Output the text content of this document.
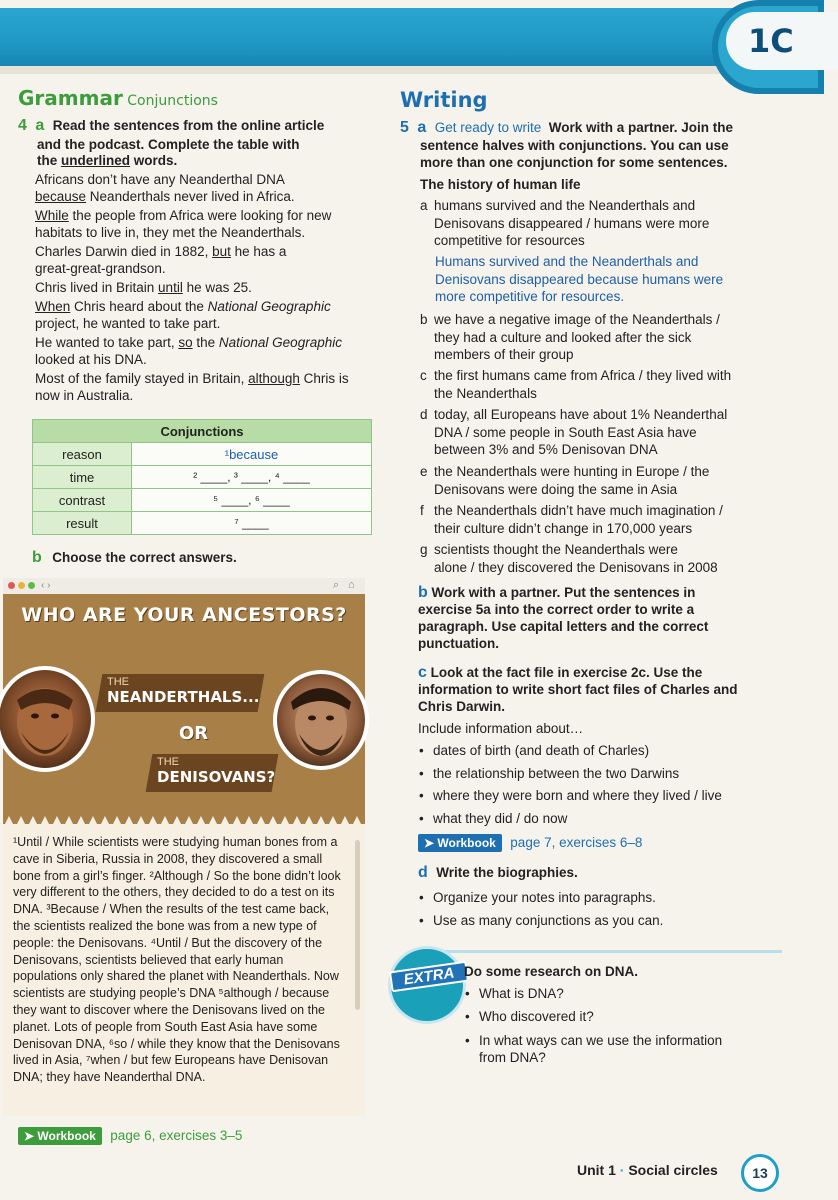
1C
Grammar Conjunctions
4 a Read the sentences from the online article
and the podcast. Complete the table with
the underlined words.
Africans don’t have any Neanderthal DNA
because Neanderthals never lived in Africa.
While the people from Africa were looking for new
habitats to live in, they met the Neanderthals.
Charles Darwin died in 1882, but he has a
great-great-grandson.
Chris lived in Britain until he was 25.
When Chris heard about the National Geographic
project, he wanted to take part.
He wanted to take part, so the National Geographic
looked at his DNA.
Most of the family stayed in Britain, although Chris is
now in Australia.
Conjunctions	
reason	¹because
time	² ____, ³ ____, ⁴ ____
contrast	⁵ ____, ⁶ ____
result	⁷ ____
b Choose the correct answers.
‹ ›	⌕ ⌂
WHO ARE YOUR ANCESTORS?
THE
NEANDERTHALS...
OR
THE
DENISOVANS?
¹Until / While scientists were studying human bones from a cave in Siberia, Russia in 2008, they discovered a small bone from a girl’s finger. ²Although / So the bone didn’t look very different to the others, they decided to do a test on its DNA. ³Because / When the results of the test came back, the scientists realized the bone was from a new type of people: the Denisovans. ⁴Until / But the discovery of the Denisovans, scientists believed that early human populations only shared the planet with Neanderthals. Now scientists are studying people’s DNA ⁵although / because they want to discover where the Denisovans lived on the planet. Lots of people from South East Asia have some Denisovan DNA, ⁶so / while they know that the Denisovans lived in Asia, ⁷when / but few Europeans have Denisovan DNA; they have Neanderthal DNA.
➤ Workbook page 6, exercises 3–5
Writing
5 a Get ready to write Work with a partner. Join the
sentence halves with conjunctions. You can use
more than one conjunction for some sentences.
The history of human life
a humans survived and the Neanderthals and
Denisovans disappeared / humans were more
competitive for resources
Humans survived and the Neanderthals and
Denisovans disappeared because humans were
more competitive for resources.
b we have a negative image of the Neanderthals /
they had a culture and looked after the sick
members of their group
c the first humans came from Africa / they lived with
the Neanderthals
d today, all Europeans have about 1% Neanderthal
DNA / some people in South East Asia have
between 3% and 5% Denisovan DNA
e the Neanderthals were hunting in Europe / the
Denisovans were doing the same in Asia
f the Neanderthals didn’t have much imagination /
their culture didn’t change in 170,000 years
g scientists thought the Neanderthals were
alone / they discovered the Denisovans in 2008
b Work with a partner. Put the sentences in
exercise 5a into the correct order to write a
paragraph. Use capital letters and the correct
punctuation.
c Look at the fact file in exercise 2c. Use the
information to write short fact files of Charles and
Chris Darwin.
Include information about…
• dates of birth (and death of Charles)
• the relationship between the two Darwins
• where they were born and where they lived / live
• what they did / do now
➤ Workbook page 7, exercises 6–8
d Write the biographies.
• Organize your notes into paragraphs.
• Use as many conjunctions as you can.
EXTRA Do some research on DNA.
• What is DNA?
• Who discovered it?
• In what ways can we use the information
from DNA?
Unit 1 · Social circles	13
